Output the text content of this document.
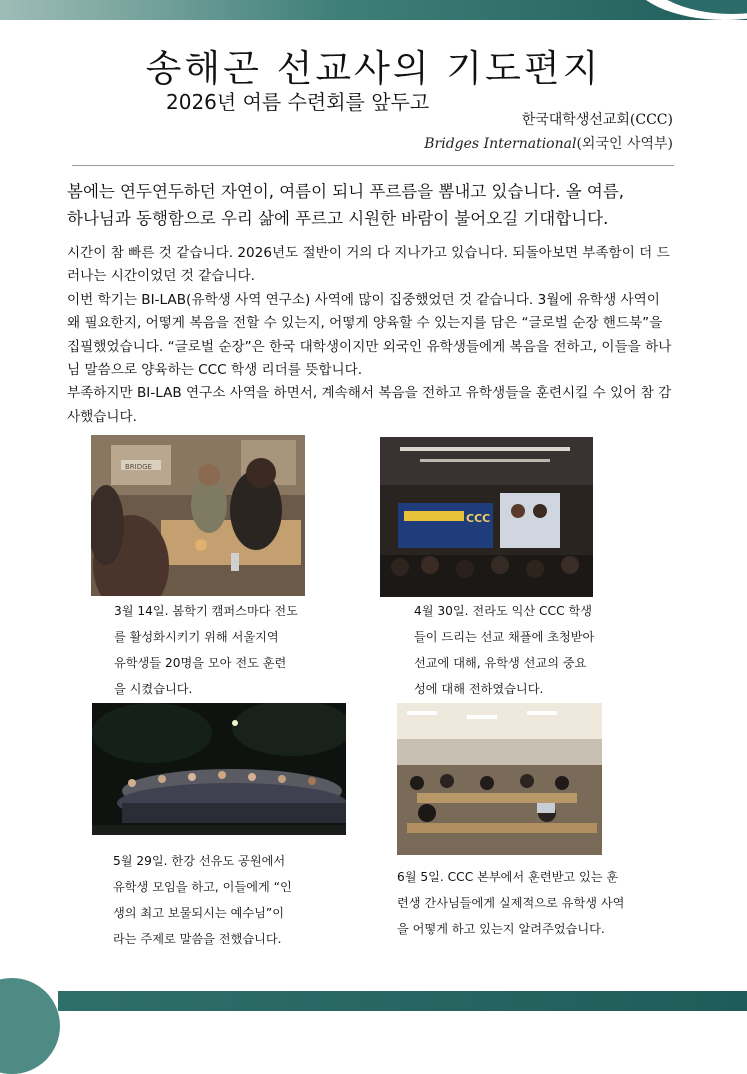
송해곤 선교사의 기도편지
2026년 여름 수련회를 앞두고
한국대학생선교회(CCC)
Bridges International(외국인 사역부)

봄에는 연두연두하던 자연이, 여름이 되니 푸르름을 뽐내고 있습니다. 올 여름,

하나님과 동행함으로 우리 삶에 푸르고 시원한 바람이 불어오길 기대합니다.

시간이 참 빠른 것 같습니다. 2026년도 절반이 거의 다 지나가고 있습니다. 되돌아보면 부족함이 더 드러나는 시간이었던 것 같습니다.

이번 학기는 BI-LAB(유학생 사역 연구소) 사역에 많이 집중했었던 것 같습니다. 3월에 유학생 사역이 왜 필요한지, 어떻게 복음을 전할 수 있는지, 어떻게 양육할 수 있는지를 담은 “글로벌 순장 핸드북”을 집필했었습니다. “글로벌 순장”은 한국 대학생이지만 외국인 유학생들에게 복음을 전하고, 이들을 하나님 말씀으로 양육하는 CCC 학생 리더를 뜻합니다.

부족하지만 BI-LAB 연구소 사역을 하면서, 계속해서 복음을 전하고 유학생들을 훈련시킬 수 있어 참 감사했습니다.

BRIDGE
3월 14일. 봄학기 캠퍼스마다 전도
를 활성화시키기 위해 서울지역
유학생들 20명을 모아 전도 훈련
을 시켰습니다.
CCC
4월 30일. 전라도 익산 CCC 학생
들이 드리는 선교 채플에 초청받아
선교에 대해, 유학생 선교의 중요
성에 대해 전하였습니다.
5월 29일. 한강 선유도 공원에서
유학생 모임을 하고, 이들에게 “인
생의 최고 보물되시는 예수님”이
라는 주제로 말씀을 전했습니다.
6월 5일. CCC 본부에서 훈련받고 있는 훈
련생 간사님들에게 실제적으로 유학생 사역
을 어떻게 하고 있는지 알려주었습니다.
